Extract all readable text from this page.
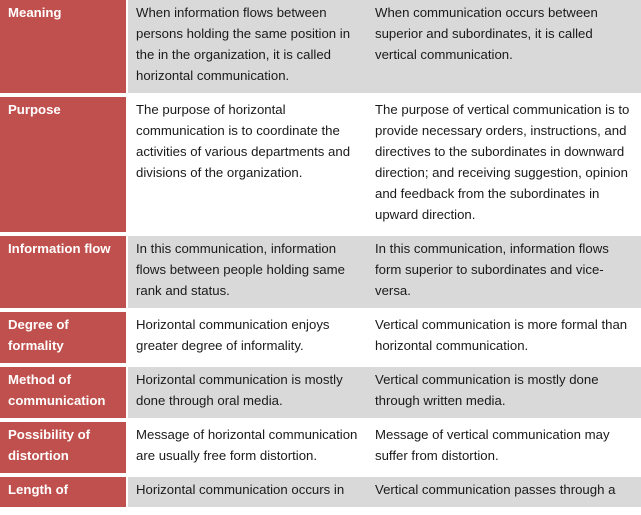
Meaning	When information flows between persons holding the same position in the in the organization, it is called horizontal communication.	When communication occurs between superior and subordinates, it is called vertical communication.
Purpose	The purpose of horizontal communication is to coordinate the activities of various departments and divisions of the organization.	The purpose of vertical communication is to provide necessary orders, instructions, and directives to the subordinates in downward direction; and receiving suggestion, opinion and feedback from the subordinates in upward direction.
Information flow	In this communication, information flows between people holding same rank and status.	In this communication, information flows form superior to subordinates and vice-versa.
Degree of formality	Horizontal communication enjoys greater degree of informality.	Vertical communication is more formal than horizontal communication.
Method of communication	Horizontal communication is mostly done through oral media.	Vertical communication is mostly done through written media.
Possibility of distortion	Message of horizontal communication are usually free form distortion.	Message of vertical communication may suffer from distortion.
Length of	Horizontal communication occurs in	Vertical communication passes through a
